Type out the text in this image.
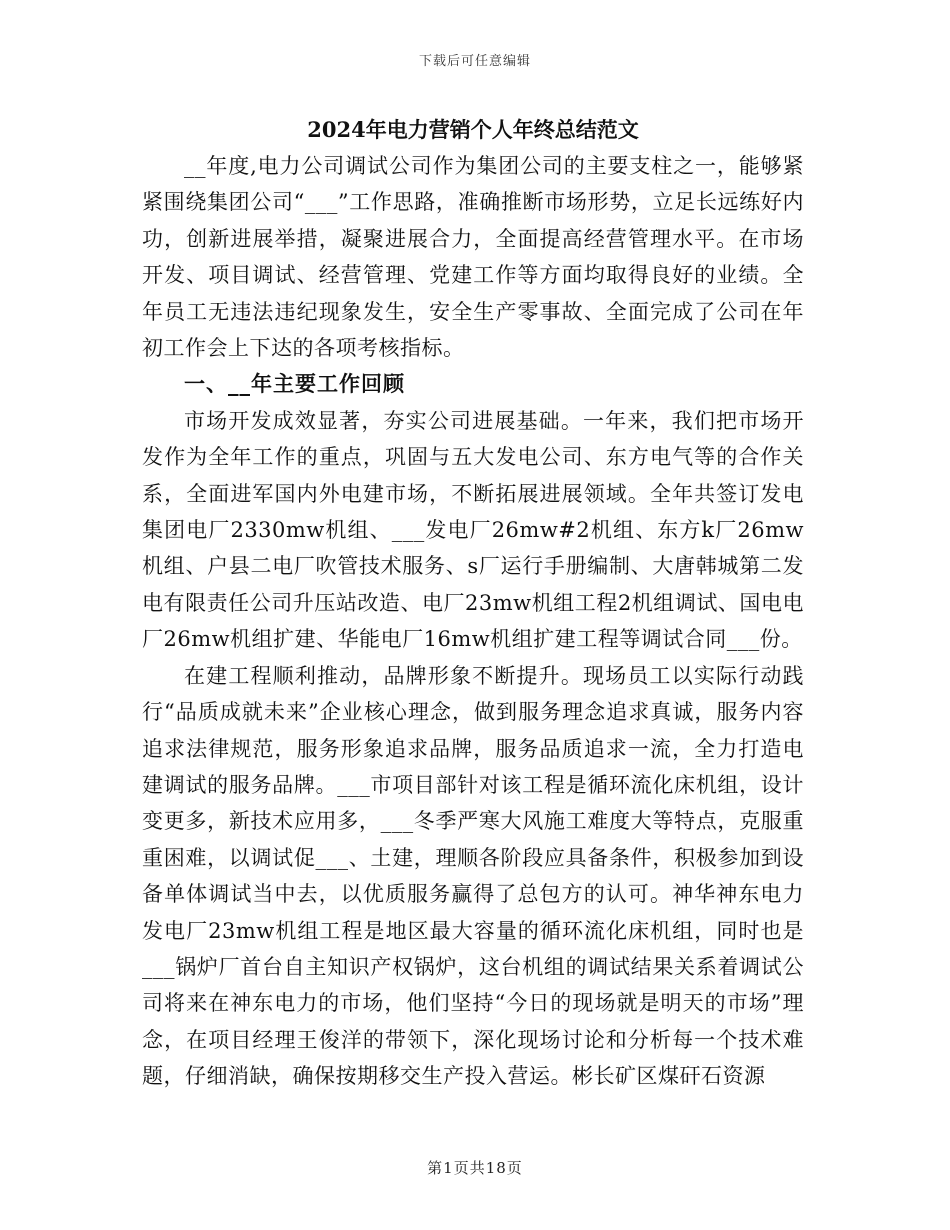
下载后可任意编辑
2024年电力营销个人年终总结范文

__年度,电力公司调试公司作为集团公司的主要支柱之一，能够紧紧围绕集团公司“___”工作思路，准确推断市场形势，立足长远练好内功，创新进展举措，凝聚进展合力，全面提高经营管理水平。在市场开发、项目调试、经营管理、党建工作等方面均取得良好的业绩。全年员工无违法违纪现象发生，安全生产零事故、全面完成了公司在年初工作会上下达的各项考核指标。

一、__年主要工作回顾

市场开发成效显著，夯实公司进展基础。一年来，我们把市场开发作为全年工作的重点，巩固与五大发电公司、东方电气等的合作关系，全面进军国内外电建市场，不断拓展进展领域。全年共签订发电集团电厂2330mw机组、___发电厂26mw#2机组、东方k厂26mw机组、户县二电厂吹管技术服务、s厂运行手册编制、大唐韩城第二发电有限责任公司升压站改造、电厂23mw机组工程2机组调试、国电电厂26mw机组扩建、华能电厂16mw机组扩建工程等调试合同___份。

在建工程顺利推动，品牌形象不断提升。现场员工以实际行动践行“品质成就未来”企业核心理念，做到服务理念追求真诚，服务内容追求法律规范，服务形象追求品牌，服务品质追求一流，全力打造电建调试的服务品牌。___市项目部针对该工程是循环流化床机组，设计变更多，新技术应用多，___冬季严寒大风施工难度大等特点，克服重重困难，以调试促___、土建，理顺各阶段应具备条件，积极参加到设备单体调试当中去，以优质服务赢得了总包方的认可。神华神东电力发电厂23mw机组工程是地区最大容量的循环流化床机组，同时也是___锅炉厂首台自主知识产权锅炉，这台机组的调试结果关系着调试公司将来在神东电力的市场，他们坚持“今日的现场就是明天的市场”理念，在项目经理王俊洋的带领下，深化现场讨论和分析每一个技术难题，仔细消缺，确保按期移交生产投入营运。彬长矿区煤矸石资源

第1页共18页
